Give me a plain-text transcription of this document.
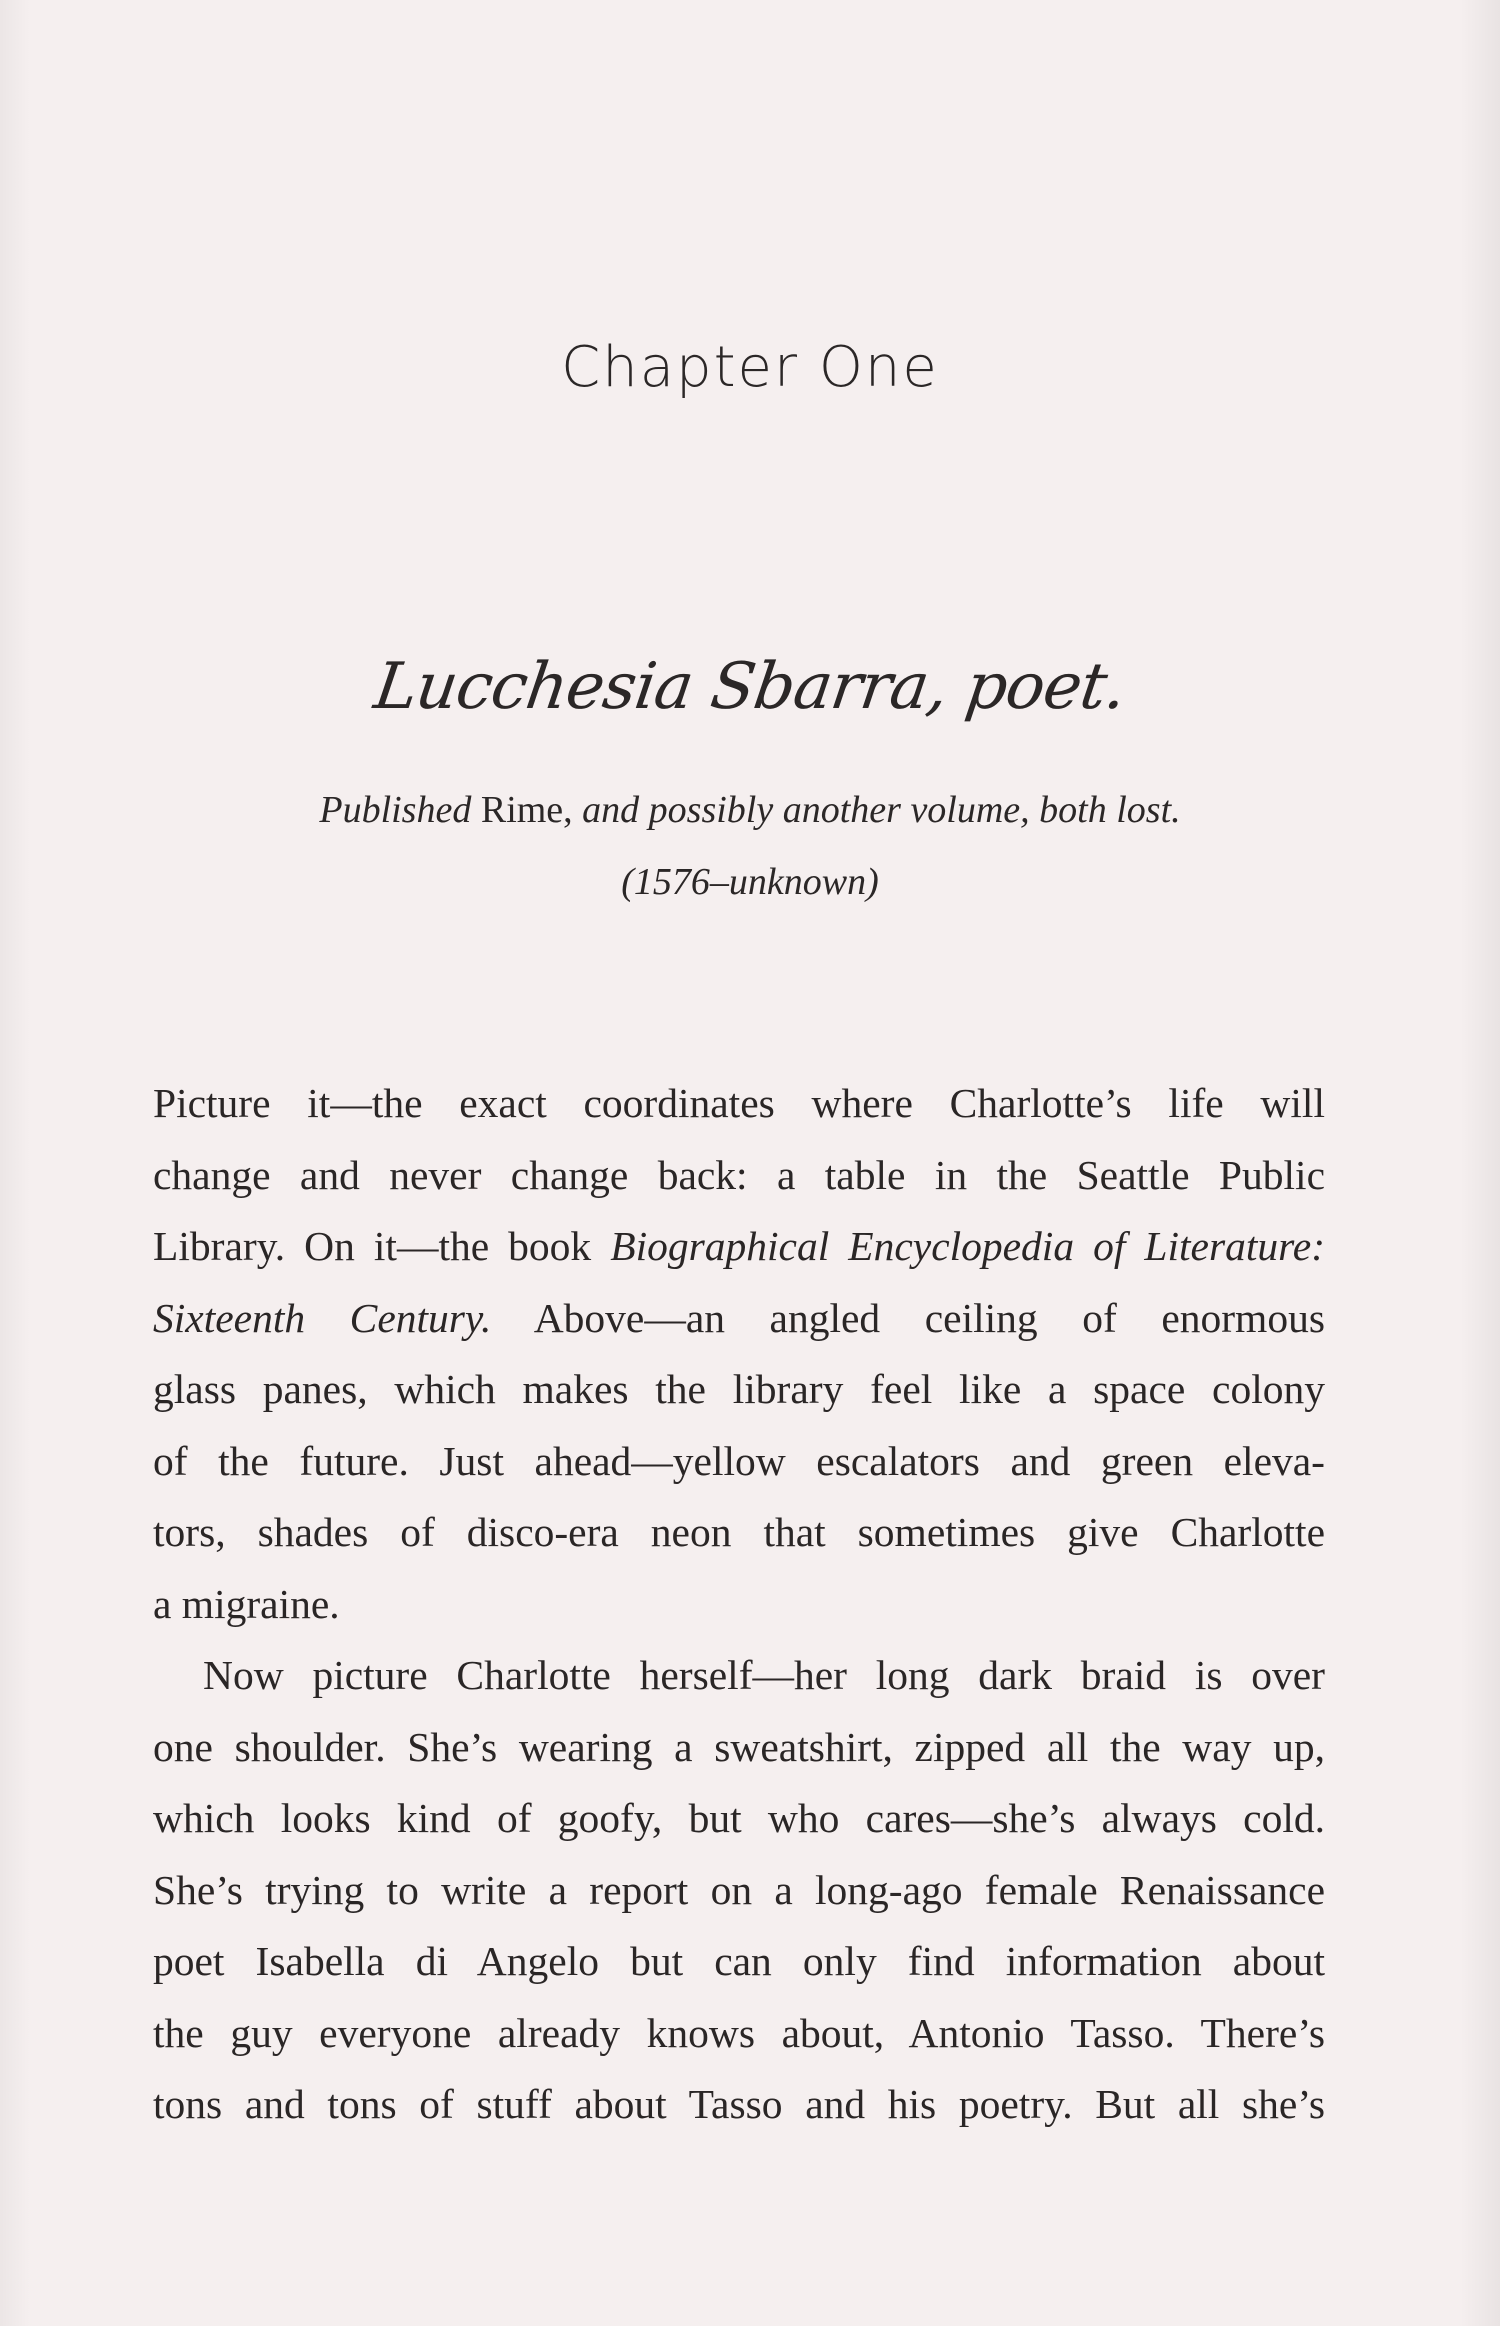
Chapter One
Lucchesia Sbarra, poet.
Published Rime, and possibly another volume, both lost.
(1576–unknown)

Picture it—the exact coordinates where Charlotte’s life will
change and never change back: a table in the Seattle Public
Library. On it—the book Biographical Encyclopedia of Literature:
Sixteenth Century. Above—an angled ceiling of enormous
glass panes, which makes the library feel like a space colony
of the future. Just ahead—yellow escalators and green eleva-
tors, shades of disco-era neon that sometimes give Charlotte
a migraine.

Now picture Charlotte herself—her long dark braid is over
one shoulder. She’s wearing a sweatshirt, zipped all the way up,
which looks kind of goofy, but who cares—she’s always cold.
She’s trying to write a report on a long-ago female Renaissance
poet Isabella di Angelo but can only find information about
the guy everyone already knows about, Antonio Tasso. There’s
tons and tons of stuff about Tasso and his poetry. But all she’s
